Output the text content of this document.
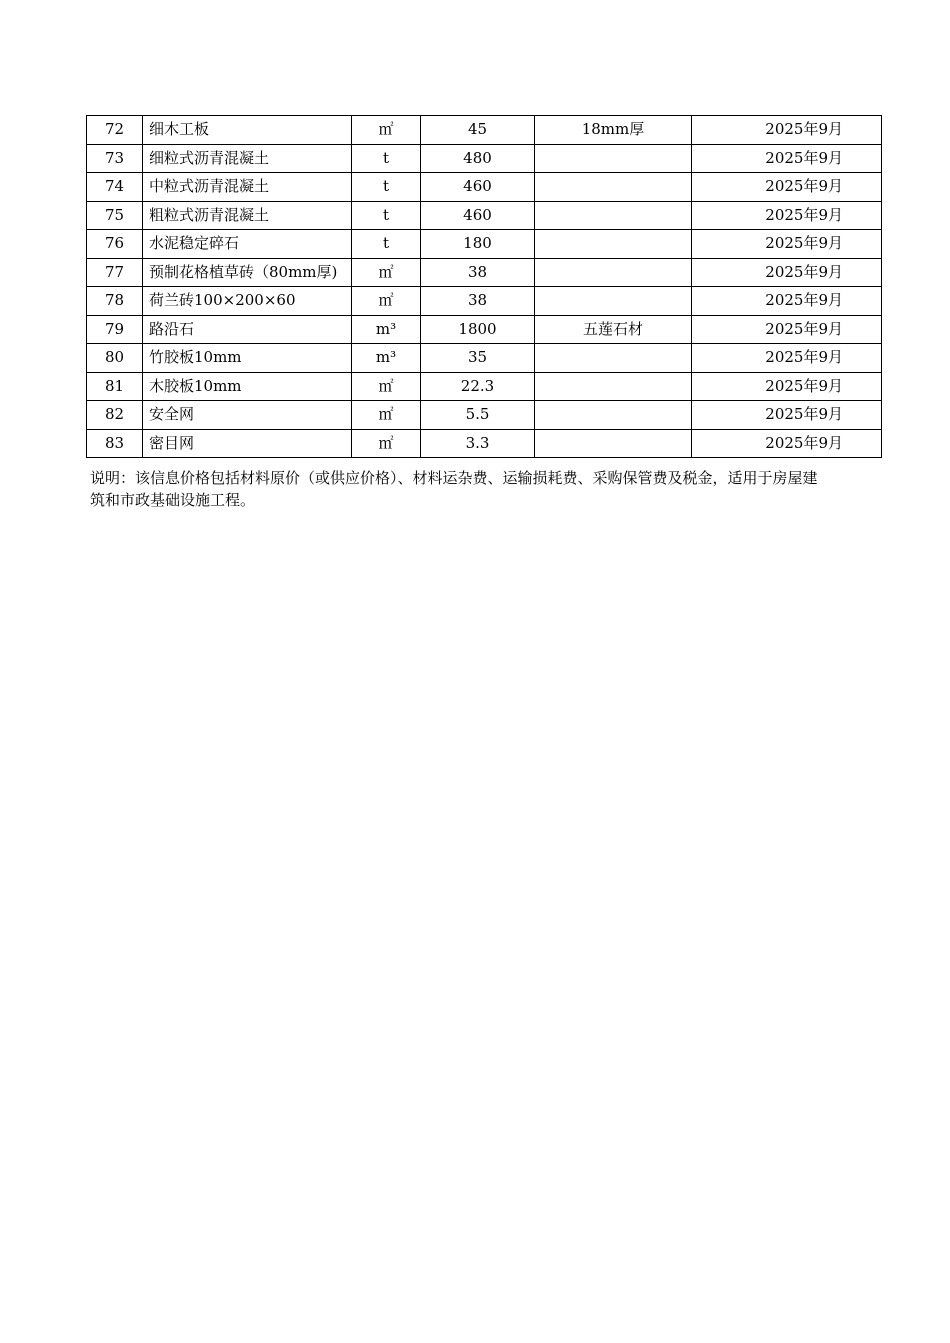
72	细木工板	㎡	45	18mm厚	2025年9月
73	细粒式沥青混凝土	t	480		2025年9月
74	中粒式沥青混凝土	t	460		2025年9月
75	粗粒式沥青混凝土	t	460		2025年9月
76	水泥稳定碎石	t	180		2025年9月
77	预制花格植草砖（80mm厚)	㎡	38		2025年9月
78	荷兰砖100×200×60	㎡	38		2025年9月
79	路沿石	m³	1800	五莲石材	2025年9月
80	竹胶板10mm	m³	35		2025年9月
81	木胶板10mm	㎡	22.3		2025年9月
82	安全网	㎡	5.5		2025年9月
83	密目网	㎡	3.3		2025年9月
说明：该信息价格包括材料原价（或供应价格）、材料运杂费、运输损耗费、采购保管费及税金，适用于房屋建筑和市政基础设施工程。
